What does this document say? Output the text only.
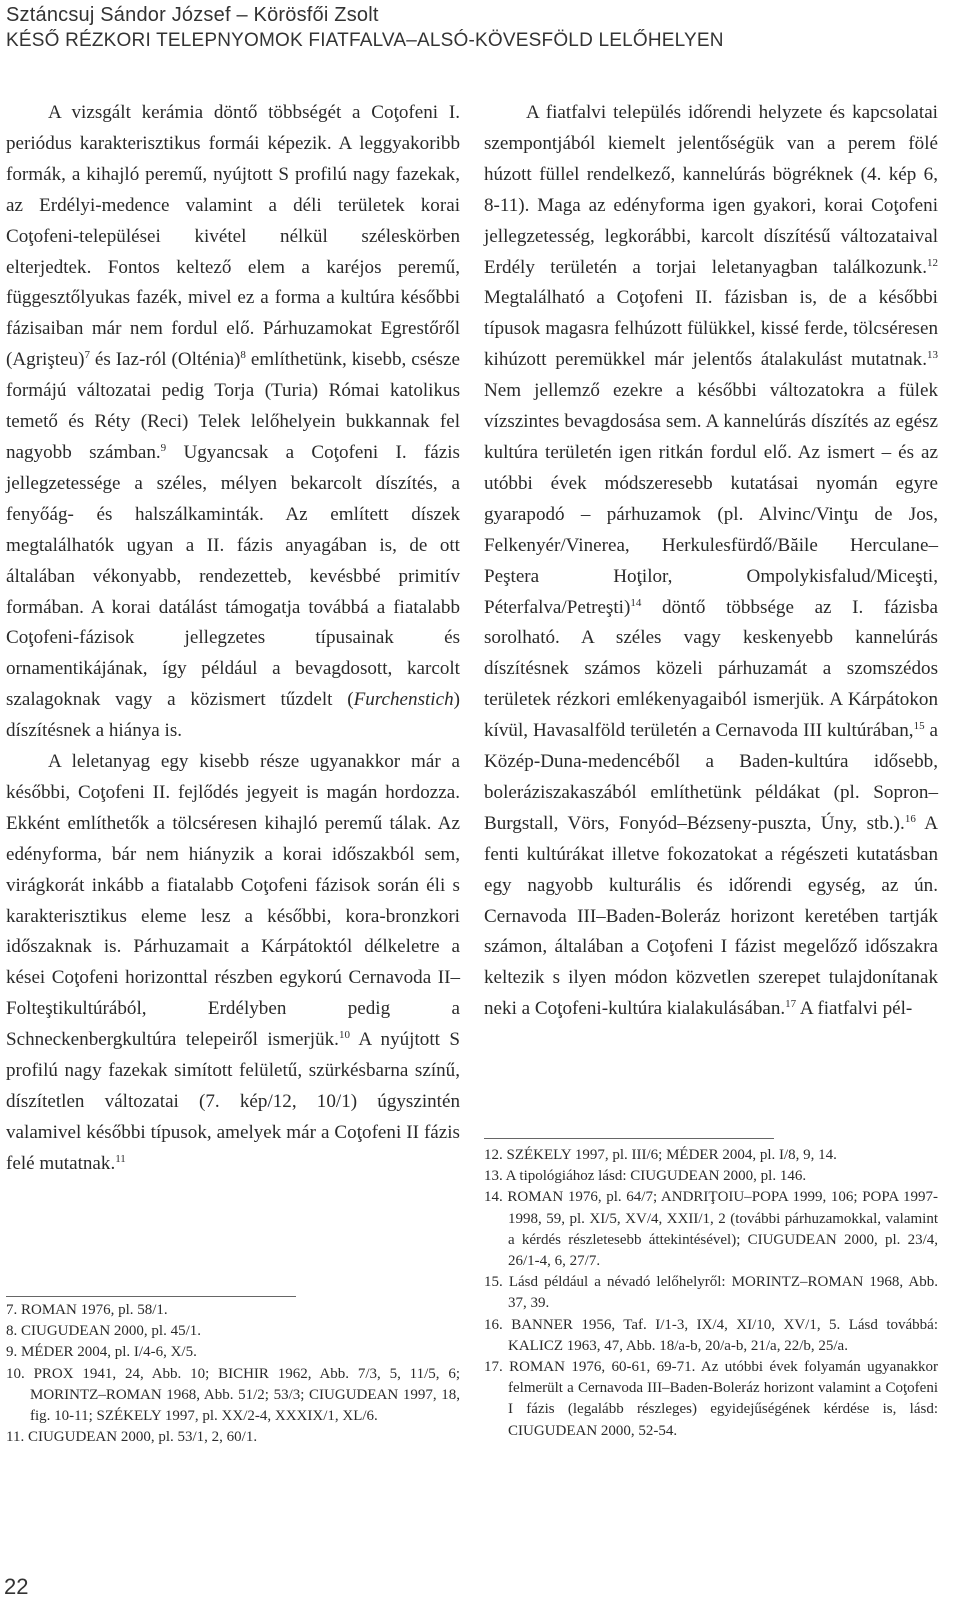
Sztáncsuj Sándor József – Körösfői Zsolt
KÉSŐ RÉZKORI TELEPNYOMOK FIATFALVA–ALSÓ-KÖVESFÖLD LELŐHELYEN

A vizsgált kerámia döntő többségét a Coţofeni I. periódus karakterisztikus formái képezik. A leggyakoribb formák, a kihajló peremű, nyújtott S profilú nagy fazekak, az Erdélyi-medence valamint a déli területek korai Coţofeni-települései kivétel nélkül széleskörben elterjedtek. Fontos keltező elem a karéjos peremű, függesztőlyukas fazék, mivel ez a forma a kultúra későbbi fázisaiban már nem fordul elő. Párhuzamokat Egrestőről (Agrişteu)$^7$ és Iaz-ról (Olténia)$^8$ említhetünk, kisebb, csésze formájú változatai pedig Torja (Turia) Római katolikus temető és Réty (Reci) Telek lelőhelyein bukkannak fel nagyobb számban.$^9$ Ugyancsak a Coţofeni I. fázis jellegzetessége a széles, mélyen bekarcolt díszítés, a fenyőág- és halszálkaminták. Az említett díszek megtalálhatók ugyan a II. fázis anyagában is, de ott általában vékonyabb, rendezetteb, kevésbbé primitív formában. A korai datálást támogatja továbbá a fiatalabb Coţofeni-fázisok jellegzetes típusainak és ornamentikájának, így például a bevagdosott, karcolt szalagoknak vagy a közismert tűzdelt (Furchenstich) díszítésnek a hiánya is.

A leletanyag egy kisebb része ugyanakkor már a későbbi, Coţofeni II. fejlődés jegyeit is magán hordozza. Ekként említhetők a tölcséresen kihajló peremű tálak. Az edényforma, bár nem hiányzik a korai időszakból sem, virágkorát inkább a fiatalabb Coţofeni fázisok során éli s karakterisztikus eleme lesz a későbbi, kora-bronzkori időszaknak is. Párhuzamait a Kárpátoktól délkeletre a kései Coţofeni horizonttal részben egykorú Cernavoda II–Folteştikultúrából, Erdélyben pedig a Schneckenbergkultúra telepeiről ismerjük.$^{10}$ A nyújtott S profilú nagy fazekak simított felületű, szürkésbarna színű, díszítetlen változatai (7. kép/12, 10/1) úgyszintén valamivel későbbi típusok, amelyek már a Coţofeni II fázis felé mutatnak.$^{11}$

7. ROMAN 1976, pl. 58/1.
8. CIUGUDEAN 2000, pl. 45/1.
9. MÉDER 2004, pl. I/4-6, X/5.
10. PROX 1941, 24, Abb. 10; BICHIR 1962, Abb. 7/3, 5, 11/5, 6; MORINTZ–ROMAN 1968, Abb. 51/2; 53/3; CIUGUDEAN 1997, 18, fig. 10-11; SZÉKELY 1997, pl. XX/2-4, XXXIX/1, XL/6.
11. CIUGUDEAN 2000, pl. 53/1, 2, 60/1.

A fiatfalvi település időrendi helyzete és kapcsolatai szempontjából kiemelt jelentőségük van a perem fölé húzott füllel rendelkező, kannelúrás bögréknek (4. kép 6, 8-11). Maga az edényforma igen gyakori, korai Coţofeni jellegzetesség, legkorábbi, karcolt díszítésű változataival Erdély területén a torjai leletanyagban találkozunk.$^{12}$ Megtalálható a Coţofeni II. fázisban is, de a későbbi típusok magasra felhúzott fülükkel, kissé ferde, tölcséresen kihúzott peremükkel már jelentős átalakulást mutatnak.$^{13}$ Nem jellemző ezekre a későbbi változatokra a fülek vízszintes bevagdosása sem. A kannelúrás díszítés az egész kultúra területén igen ritkán fordul elő. Az ismert – és az utóbbi évek módszeresebb kutatásai nyomán egyre gyarapodó – párhuzamok (pl. Alvinc/Vinţu de Jos, Felkenyér/Vinerea, Herkulesfürdő/Băile Herculane–Peştera Hoţilor, Ompolykisfalud/Miceşti, Péterfalva/Petreşti)$^{14}$ döntő többsége az I. fázisba sorolható. A széles vagy keskenyebb kannelúrás díszítésnek számos közeli párhuzamát a szomszédos területek rézkori emlékenyagaiból ismerjük. A Kárpátokon kívül, Havasalföld területén a Cernavoda III kultúrában,$^{15}$ a Közép-Duna-medencéből a Baden-kultúra idősebb, boleráziszakaszából említhetünk példákat (pl. Sopron–Burgstall, Vörs, Fonyód–Bézseny-puszta, Úny, stb.).$^{16}$ A fenti kultúrákat illetve fokozatokat a régészeti kutatásban egy nagyobb kulturális és időrendi egység, az ún. Cernavoda III–Baden-Boleráz horizont keretében tartják számon, általában a Coţofeni I fázist megelőző időszakra keltezik s ilyen módon közvetlen szerepet tulajdonítanak neki a Coţofeni-kultúra kialakulásában.$^{17}$ A fiatfalvi pél-

12. SZÉKELY 1997, pl. III/6; MÉDER 2004, pl. I/8, 9, 14.
13. A tipológiához lásd: CIUGUDEAN 2000, pl. 146.
14. ROMAN 1976, pl. 64/7; ANDRIŢOIU–POPA 1999, 106; POPA 1997-1998, 59, pl. XI/5, XV/4, XXII/1, 2 (további párhuzamokkal, valamint a kérdés részletesebb áttekintésével); CIUGUDEAN 2000, pl. 23/4, 26/1-4, 6, 27/7.
15. Lásd például a névadó lelőhelyről: MORINTZ–ROMAN 1968, Abb. 37, 39.
16. BANNER 1956, Taf. I/1-3, IX/4, XI/10, XV/1, 5. Lásd továbbá: KALICZ 1963, 47, Abb. 18/a-b, 20/a-b, 21/a, 22/b, 25/a.
17. ROMAN 1976, 60-61, 69-71. Az utóbbi évek folyamán ugyanakkor felmerült a Cernavoda III–Baden-Boleráz horizont valamint a Coţofeni I fázis (legalább részleges) egyidejűségének kérdése is, lásd: CIUGUDEAN 2000, 52-54.
22
